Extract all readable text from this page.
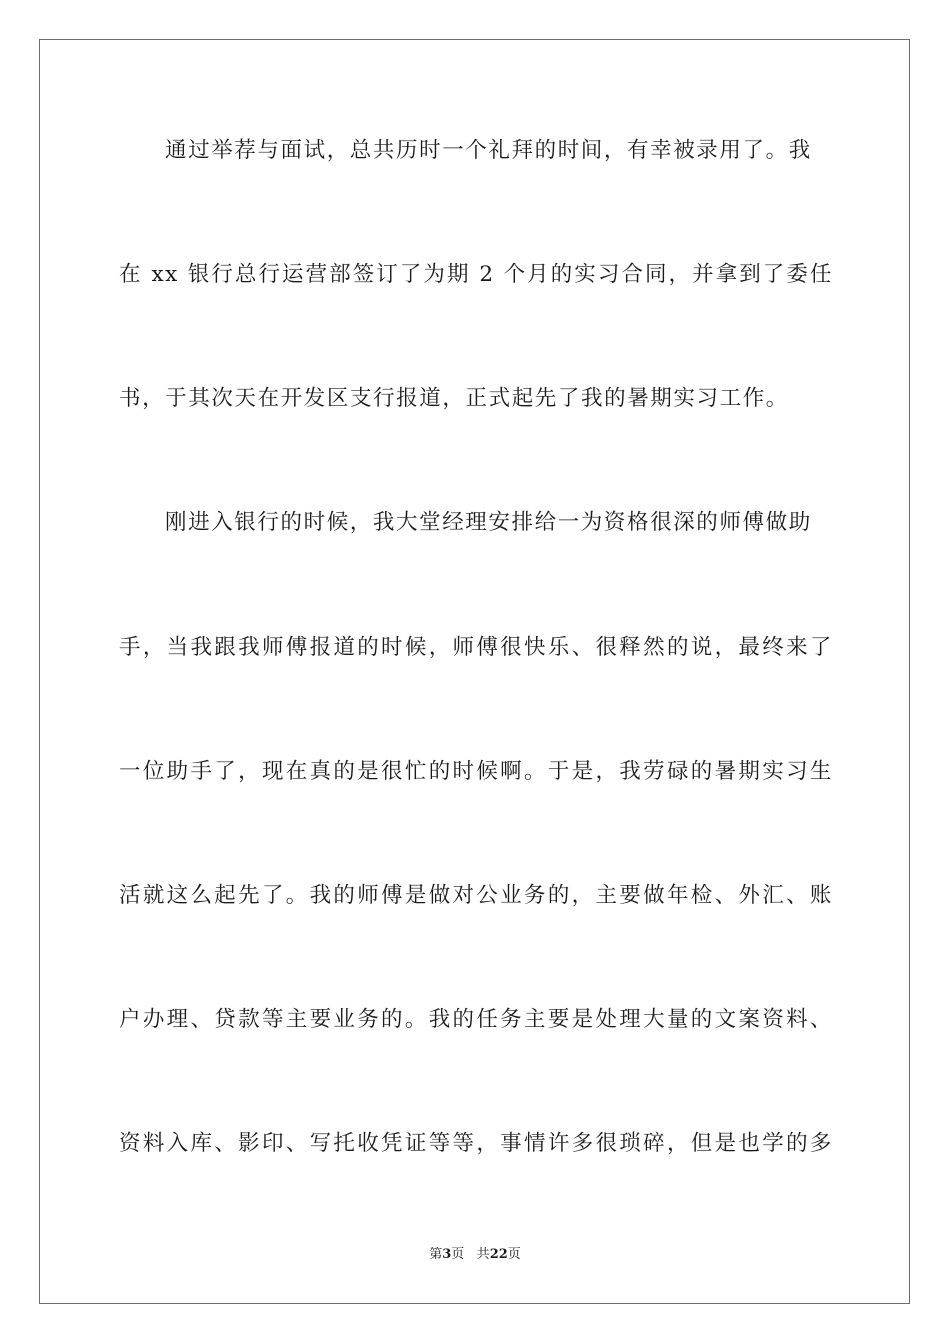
通过举荐与面试，总共历时一个礼拜的时间，有幸被录用了。我
在 xx 银行总行运营部签订了为期 2 个月的实习合同，并拿到了委任
书，于其次天在开发区支行报道，正式起先了我的暑期实习工作。
刚进入银行的时候，我大堂经理安排给一为资格很深的师傅做助
手，当我跟我师傅报道的时候，师傅很快乐、很释然的说，最终来了
一位助手了，现在真的是很忙的时候啊。于是，我劳碌的暑期实习生
活就这么起先了。我的师傅是做对公业务的，主要做年检、外汇、账
户办理、贷款等主要业务的。我的任务主要是处理大量的文案资料、
资料入库、影印、写托收凭证等等，事情许多很琐碎，但是也学的多
第3页 共22页
